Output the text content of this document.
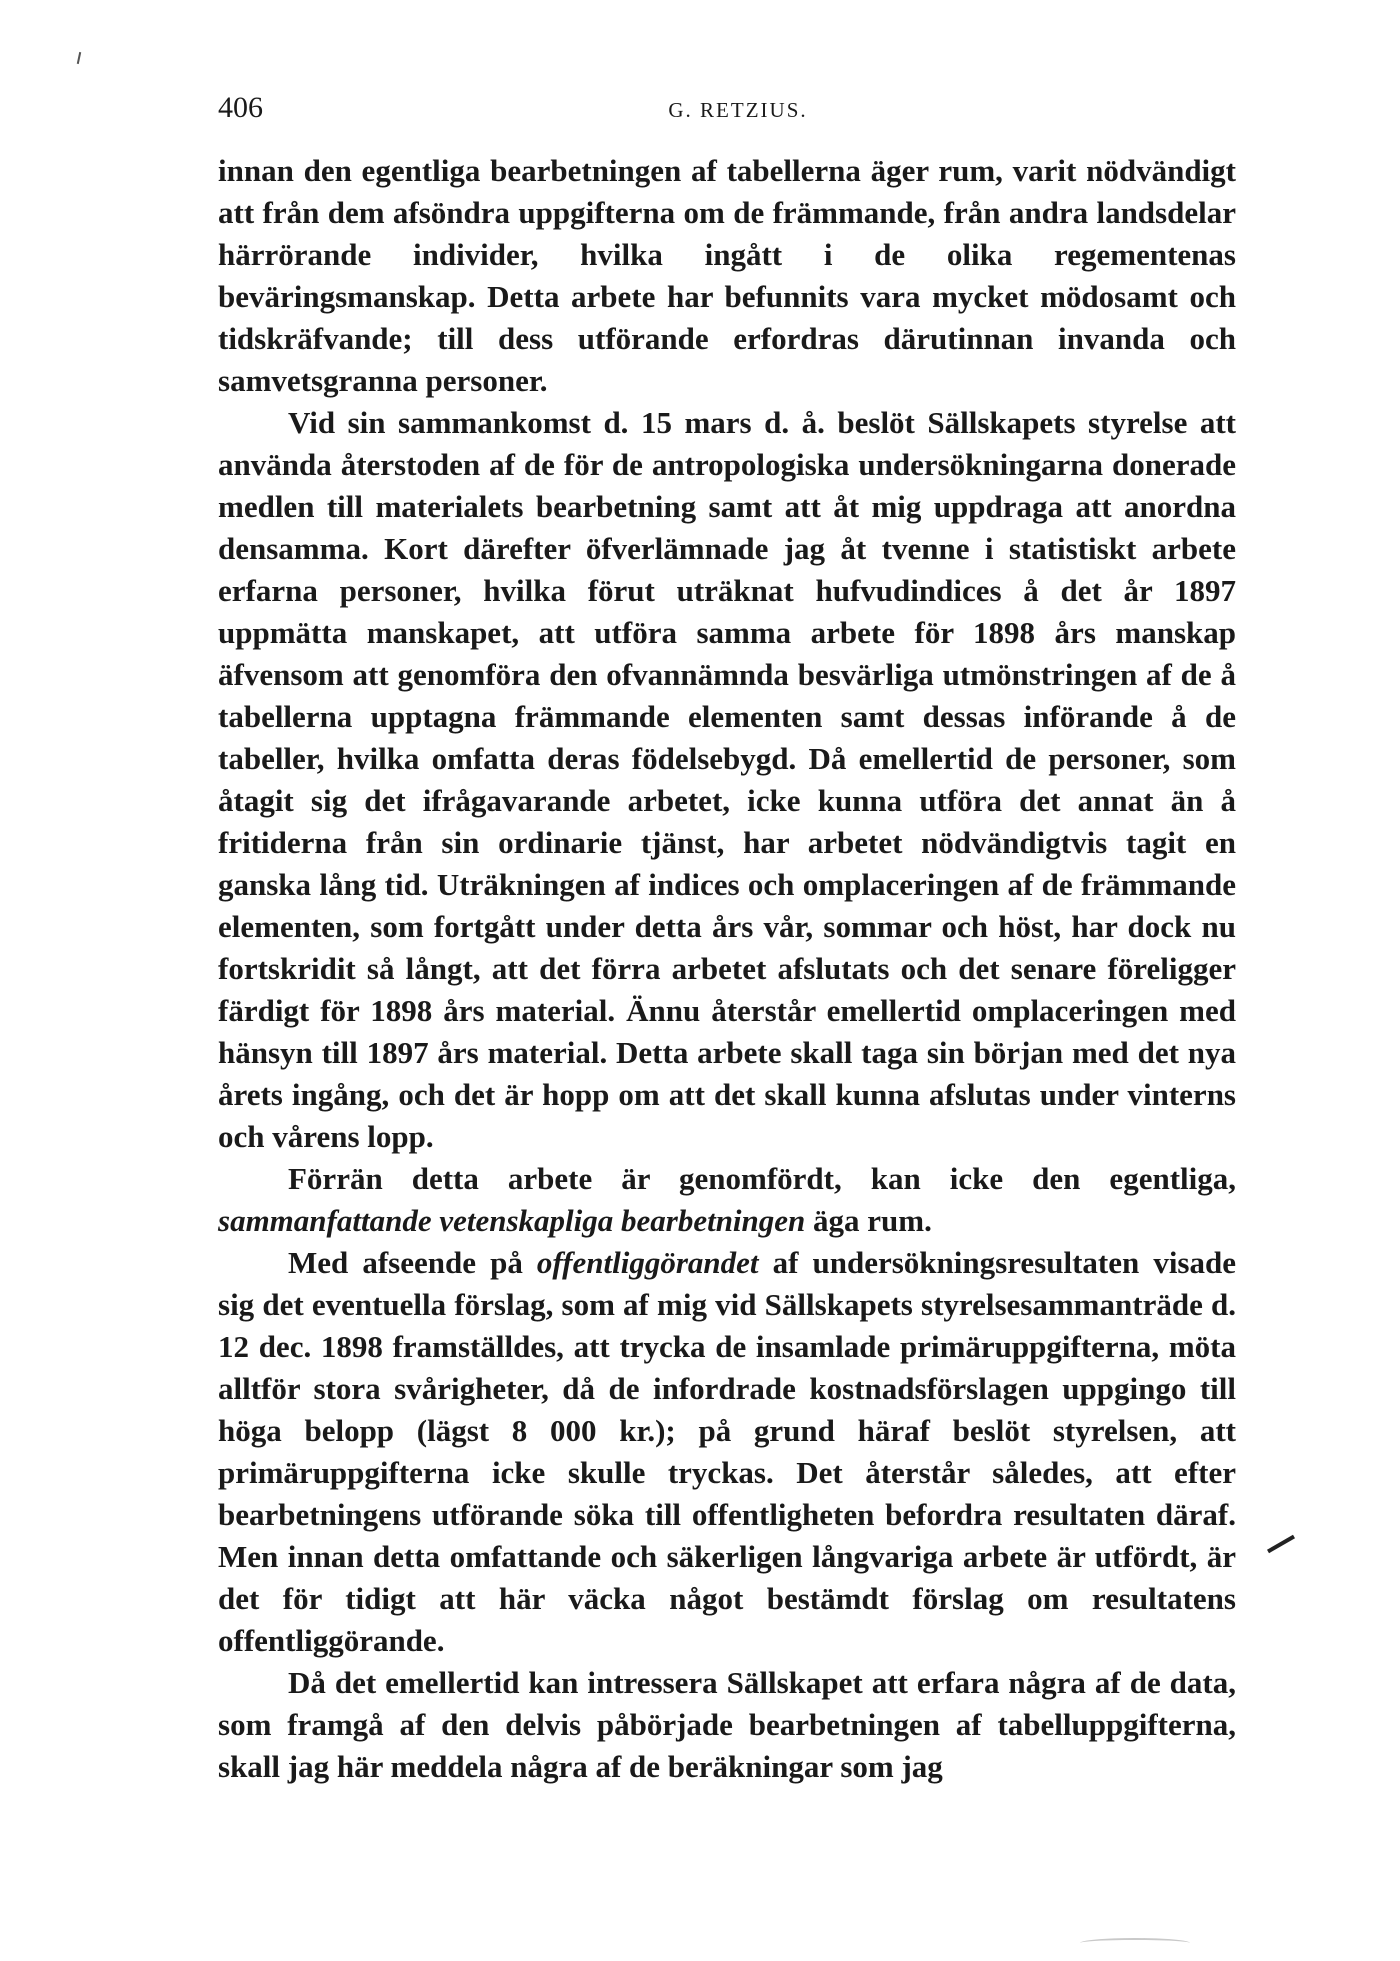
406	G. RETZIUS.

innan den egentliga bearbetningen af tabellerna äger rum, varit nödvändigt att från dem afsöndra uppgifterna om de främmande, från andra landsdelar härrörande individer, hvilka ingått i de olika regementenas beväringsmanskap. Detta arbete har befunnits vara mycket mödosamt och tidskräfvande; till dess utförande erfordras därutinnan invanda och samvetsgranna personer.

Vid sin sammankomst d. 15 mars d. å. beslöt Sällskapets styrelse att använda återstoden af de för de antropologiska undersökningarna donerade medlen till materialets bearbetning samt att åt mig uppdraga att anordna densamma. Kort därefter öfverlämnade jag åt tvenne i statistiskt arbete erfarna personer, hvilka förut uträknat hufvudindices å det år 1897 uppmätta manskapet, att utföra samma arbete för 1898 års manskap äfvensom att genomföra den ofvannämnda besvärliga utmönstringen af de å tabellerna upptagna främmande elementen samt dessas införande å de tabeller, hvilka omfatta deras födelsebygd. Då emellertid de personer, som åtagit sig det ifrågavarande arbetet, icke kunna utföra det annat än å fritiderna från sin ordinarie tjänst, har arbetet nödvändigtvis tagit en ganska lång tid. Uträkningen af indices och omplaceringen af de främmande elementen, som fortgått under detta års vår, sommar och höst, har dock nu fortskridit så långt, att det förra arbetet afslutats och det senare föreligger färdigt för 1898 års material. Ännu återstår emellertid omplaceringen med hänsyn till 1897 års material. Detta arbete skall taga sin början med det nya årets ingång, och det är hopp om att det skall kunna afslutas under vinterns och vårens lopp.

Förrän detta arbete är genomfördt, kan icke den egentliga, sammanfattande vetenskapliga bearbetningen äga rum.

Med afseende på offentliggörandet af undersökningsresultaten visade sig det eventuella förslag, som af mig vid Sällskapets styrelsesammanträde d. 12 dec. 1898 framställdes, att trycka de insamlade primäruppgifterna, möta alltför stora svårigheter, då de infordrade kostnadsförslagen uppgingo till höga belopp (lägst 8 000 kr.); på grund häraf beslöt styrelsen, att primäruppgifterna icke skulle tryckas. Det återstår således, att efter bearbetningens utförande söka till offentligheten befordra resultaten däraf. Men innan detta omfattande och säkerligen långvariga arbete är utfördt, är det för tidigt att här väcka något bestämdt förslag om resultatens offentliggörande.

Då det emellertid kan intressera Sällskapet att erfara några af de data, som framgå af den delvis påbörjade bearbetningen af tabelluppgifterna, skall jag här meddela några af de beräkningar som jag
